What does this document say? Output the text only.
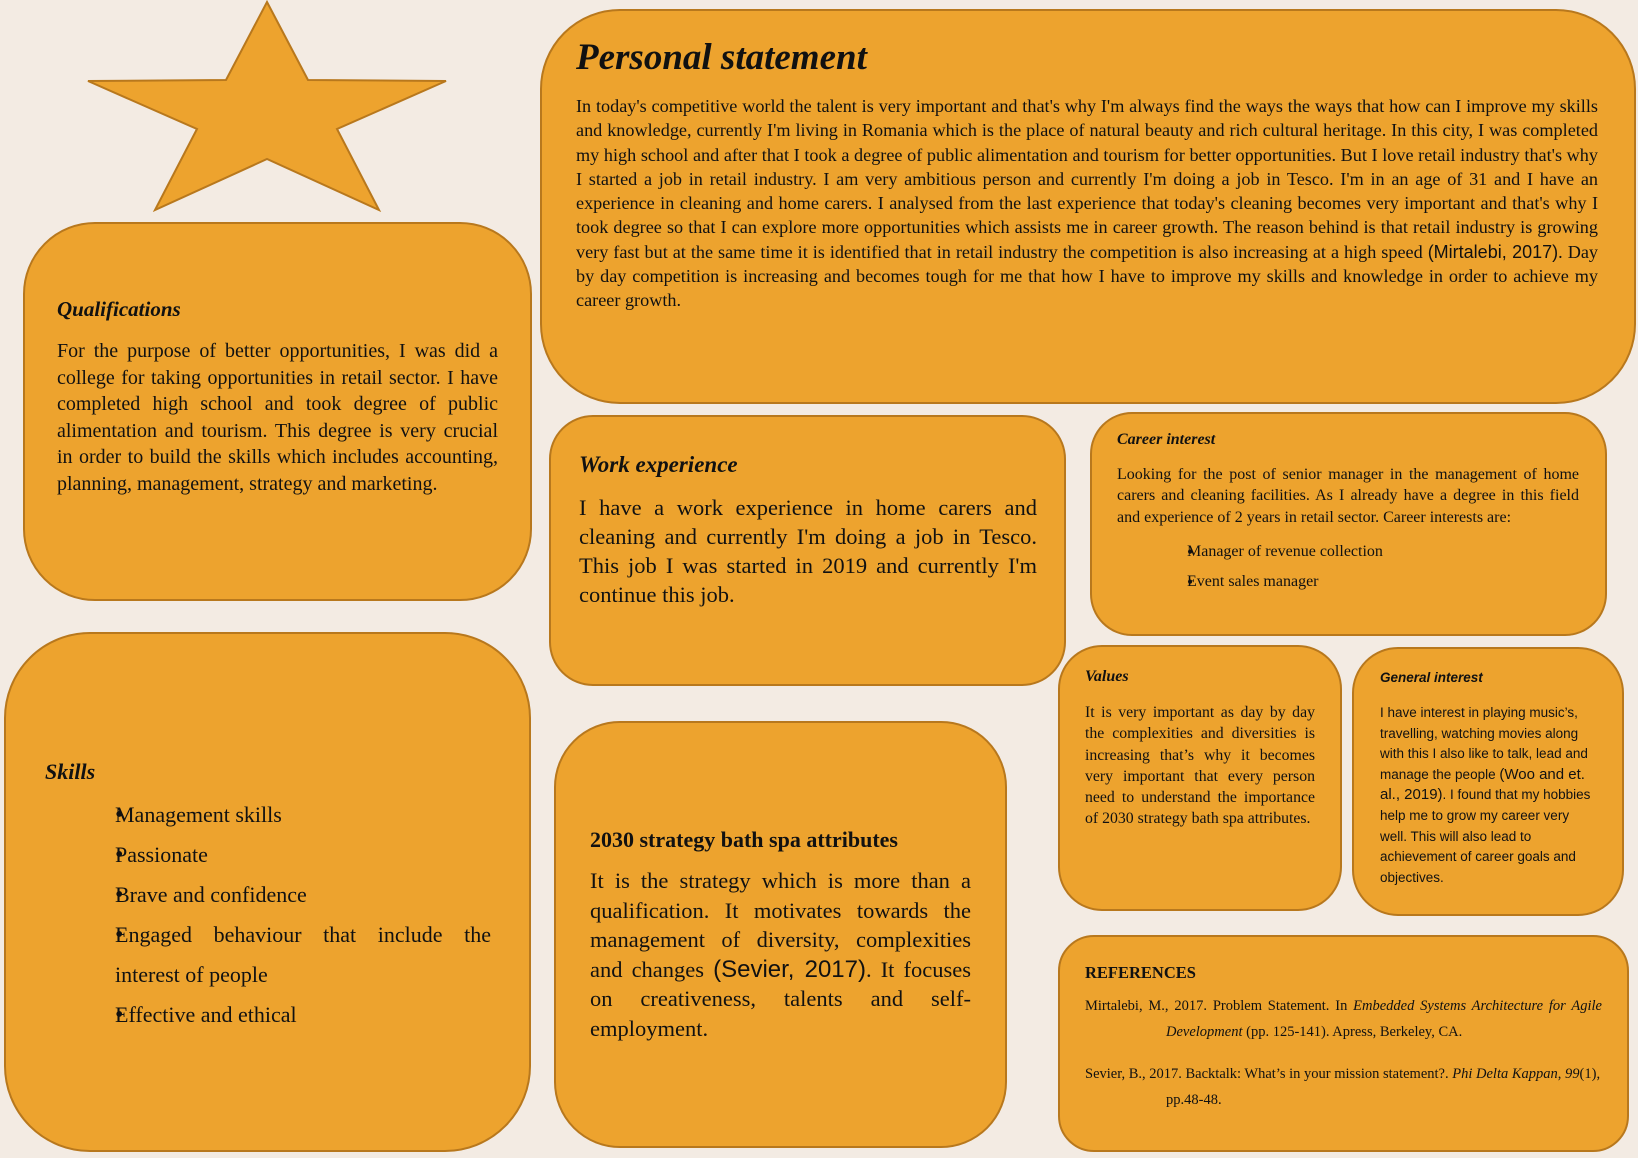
Personal statement

In today's competitive world the talent is very important and that's why I'm always find the ways the ways that how can I improve my skills and knowledge, currently I'm living in Romania which is the place of natural beauty and rich cultural heritage. In this city, I was completed my high school and after that I took a degree of public alimentation and tourism for better opportunities. But I love retail industry that's why I started a job in retail industry. I am very ambitious person and currently I'm doing a job in Tesco. I'm in an age of 31 and I have an experience in cleaning and home carers. I analysed from the last experience that today's cleaning becomes very important and that's why I took degree so that I can explore more opportunities which assists me in career growth. The reason behind is that retail industry is growing very fast but at the same time it is identified that in retail industry the competition is also increasing at a high speed (Mirtalebi, 2017). Day by day competition is increasing and becomes tough for me that how I have to improve my skills and knowledge in order to achieve my career growth.

Qualifications

For the purpose of better opportunities, I was did a college for taking opportunities in retail sector. I have completed high school and took degree of public alimentation and tourism. This degree is very crucial in order to build the skills which includes accounting, planning, management, strategy and marketing.

Work experience

I have a work experience in home carers and cleaning and currently I'm doing a job in Tesco. This job I was started in 2019 and currently I'm continue this job.

Career interest

Looking for the post of senior manager in the management of home carers and cleaning facilities. As I already have a degree in this field and experience of 2 years in retail sector. Career interests are:

• Manager of revenue collection
• Event sales manager
Skills
• Management skills
• Passionate
• Brave and confidence
• Engaged behaviour that include the interest of people
• Effective and ethical
2030 strategy bath spa attributes

It is the strategy which is more than a qualification. It motivates towards the management of diversity, complexities and changes (Sevier, 2017). It focuses on creativeness, talents and self-employment.

Values

It is very important as day by day the complexities and diversities is increasing that’s why it becomes very important that every person need to understand the importance of 2030 strategy bath spa attributes.

General interest

I have interest in playing music’s, travelling, watching movies along with this I also like to talk, lead and manage the people (Woo and et. al., 2019). I found that my hobbies help me to grow my career very well. This will also lead to achievement of career goals and objectives.

REFERENCES

Mirtalebi, M., 2017. Problem Statement. In Embedded Systems Architecture for Agile Development (pp. 125-141). Apress, Berkeley, CA.

Sevier, B., 2017. Backtalk: What’s in your mission statement?. Phi Delta Kappan, 99(1), pp.48-48.
